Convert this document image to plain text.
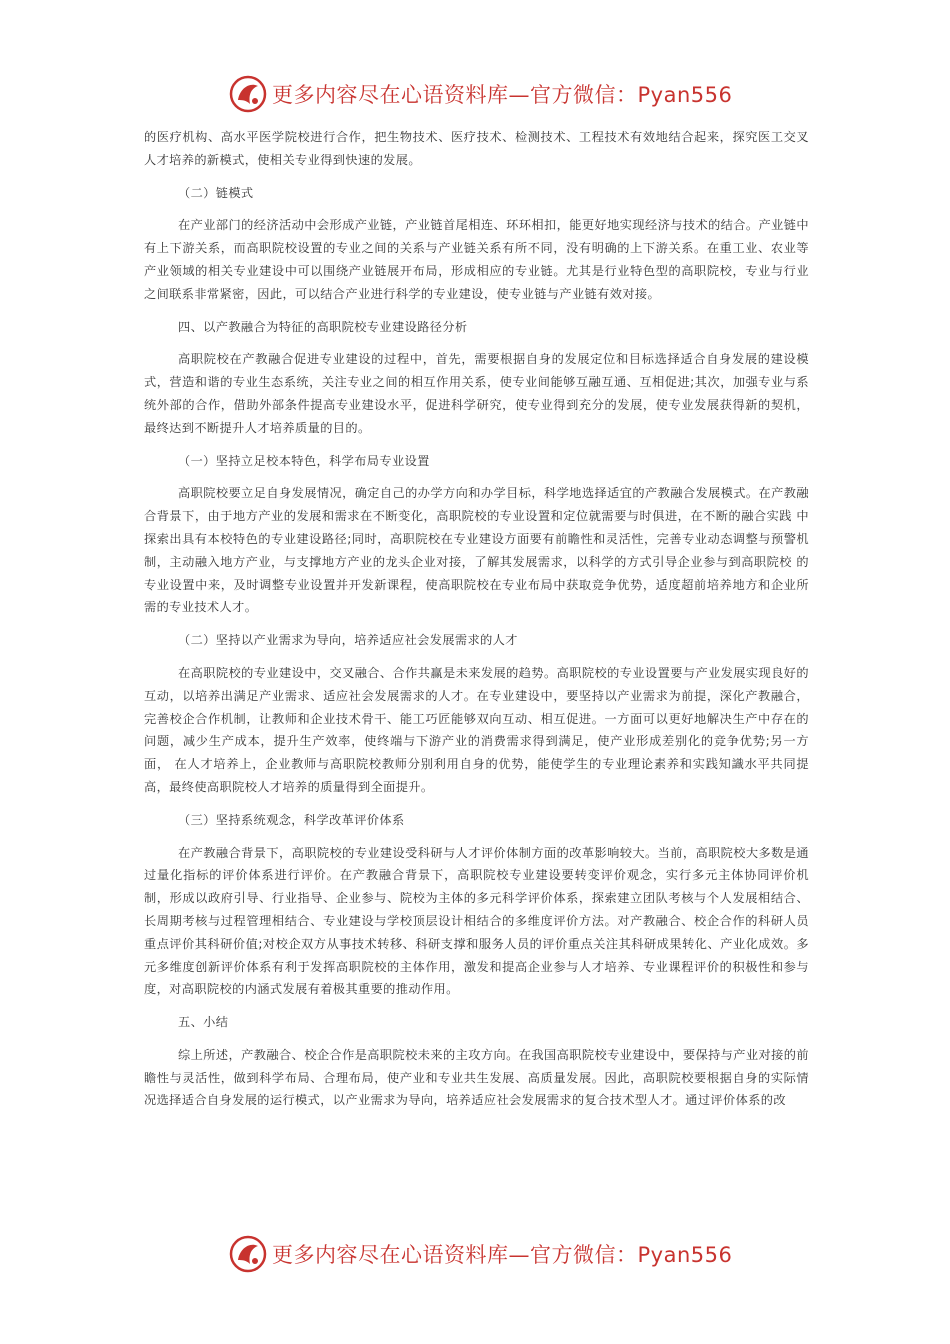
更多内容尽在心语资料库—官方微信：Pyan556
的医疗机构、高水平医学院校进行合作，把生物技术、医疗技术、检测技术、工程技术有效地结合起来，探究医工交叉人才培养的新模式，使相关专业得到快速的发展。
（二）链模式
在产业部门的经济活动中会形成产业链，产业链首尾相连、环环相扣，能更好地实现经济与技术的结合。产业链中有上下游关系，而高职院校设置的专业之间的关系与产业链关系有所不同，没有明确的上下游关系。在重工业、农业等产业领域的相关专业建设中可以围绕产业链展开布局，形成相应的专业链。尤其是行业特色型的高职院校，专业与行业之间联系非常紧密，因此，可以结合产业进行科学的专业建设，使专业链与产业链有效对接。
四、以产教融合为特征的高职院校专业建设路径分析
高职院校在产教融合促进专业建设的过程中，首先，需要根据自身的发展定位和目标选择适合自身发展的建设模式，营造和谐的专业生态系统，关注专业之间的相互作用关系，使专业间能够互融互通、互相促进;其次，加强专业与系统外部的合作，借助外部条件提高专业建设水平，促进科学研究，使专业得到充分的发展，使专业发展获得新的契机， 最终达到不断提升人才培养质量的目的。
（一）坚持立足校本特色，科学布局专业设置
高职院校要立足自身发展情况，确定自己的办学方向和办学目标，科学地选择适宜的产教融合发展模式。在产教融合背景下，由于地方产业的发展和需求在不断变化，高职院校的专业设置和定位就需要与时俱进，在不断的融合实践 中探索出具有本校特色的专业建设路径;同时，高职院校在专业建设方面要有前瞻性和灵活性，完善专业动态调整与预警机制，主动融入地方产业，与支撑地方产业的龙头企业对接，了解其发展需求，以科学的方式引导企业参与到高职院校 的专业设置中来，及时调整专业设置并开发新课程，使高职院校在专业布局中获取竞争优势，适度超前培养地方和企业所需的专业技术人才。
（二）坚持以产业需求为导向，培养适应社会发展需求的人才
在高职院校的专业建设中，交叉融合、合作共赢是未来发展的趋势。高职院校的专业设置要与产业发展实现良好的互动，以培养出满足产业需求、适应社会发展需求的人才。在专业建设中，要坚持以产业需求为前提，深化产教融合， 完善校企合作机制，让教师和企业技术骨干、能工巧匠能够双向互动、相互促进。一方面可以更好地解决生产中存在的问题，减少生产成本，提升生产效率，使终端与下游产业的消费需求得到满足，使产业形成差别化的竞争优势;另一方面， 在人才培养上，企业教师与高职院校教师分别利用自身的优势，能使学生的专业理论素养和实践知識水平共同提高，最终使高职院校人才培养的质量得到全面提升。
（三）坚持系统观念，科学改革评价体系
在产教融合背景下，高职院校的专业建设受科研与人才评价体制方面的改革影响较大。当前，高职院校大多数是通过量化指标的评价体系进行评价。在产教融合背景下，高职院校专业建设要转变评价观念，实行多元主体协同评价机制，形成以政府引导、行业指导、企业参与、院校为主体的多元科学评价体系，探索建立团队考核与个人发展相结合、 长周期考核与过程管理相结合、专业建设与学校顶层设计相结合的多维度评价方法。对产教融合、校企合作的科研人员重点评价其科研价值;对校企双方从事技术转移、科研支撑和服务人员的评价重点关注其科研成果转化、产业化成效。多元多维度创新评价体系有利于发挥高职院校的主体作用，激发和提高企业参与人才培养、专业课程评价的积极性和参与度，对高职院校的内涵式发展有着极其重要的推动作用。
五、小结
综上所述，产教融合、校企合作是高职院校未来的主攻方向。在我国高职院校专业建设中，要保持与产业对接的前瞻性与灵活性，做到科学布局、合理布局，使产业和专业共生发展、高质量发展。因此，高职院校要根据自身的实际情况选择适合自身发展的运行模式，以产业需求为导向，培养适应社会发展需求的复合技术型人才。通过评价体系的改
更多内容尽在心语资料库—官方微信：Pyan556
